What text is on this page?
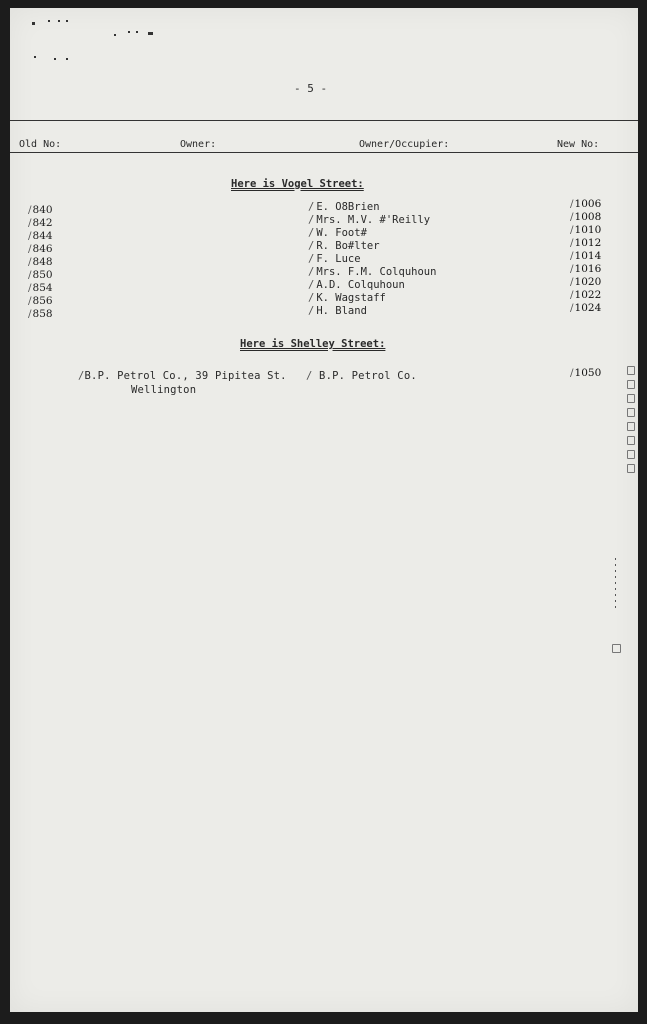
- 5 -
Old No:	Owner:	Owner/Occupier:	New No:
Here is Vogel Street:
/ 840
/ 842
/ 844
/ 846
/ 848
/ 850
/ 854
/ 856
/ 858
/ E. O8Brien
/ Mrs. M.V. #'Reilly
/ W. Foot#
/ R. Bo#lter
/ F. Luce
/ Mrs. F.M. Colquhoun
/ A.D. Colquhoun
/ K. Wagstaff
/ H. Bland
/ 1006
/ 1008
/ 1010
/ 1012
/ 1014
/ 1016
/ 1020
/ 1022
/ 1024
Here is Shelley Street:
/B.P. Petrol Co., 39 Pipitea St.
Wellington
/ B.P. Petrol Co.
/	1050
